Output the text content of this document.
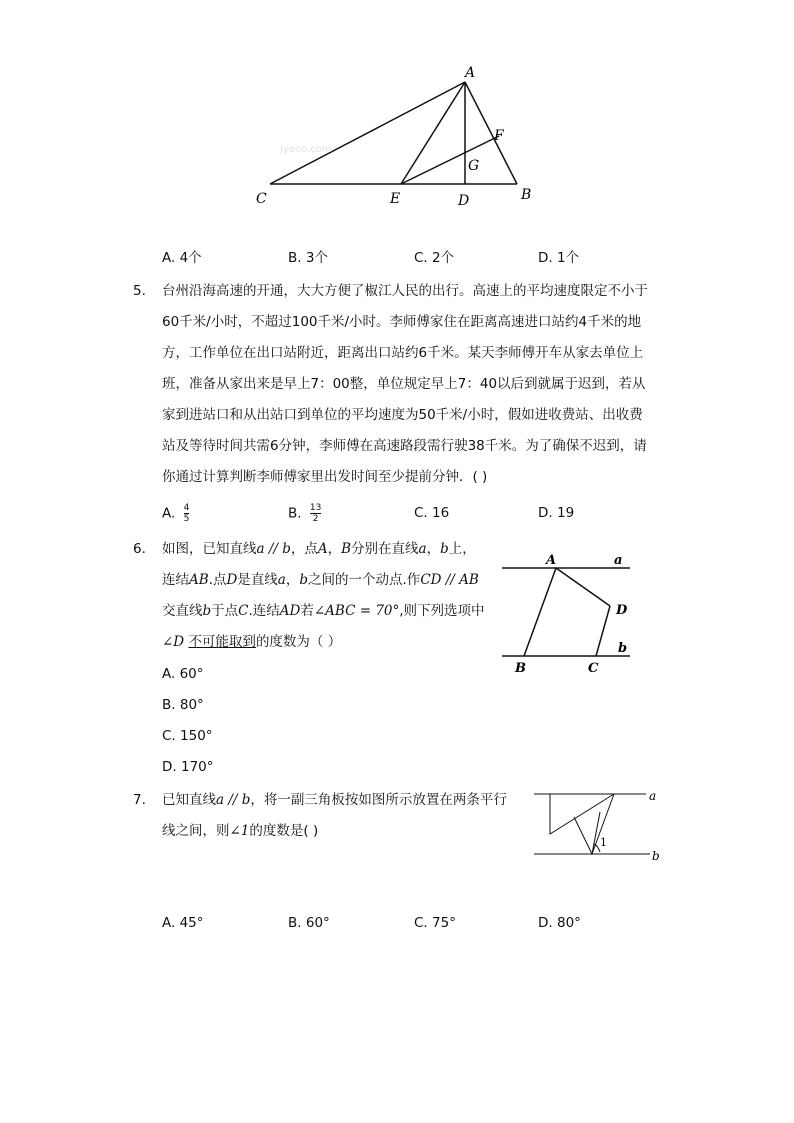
Jyeoo.com
A
F
G
C	E	D	B
A. 4个	B. 3个	C. 2个	D. 1个
5. 台州沿海高速的开通，大大方便了椒江人民的出行。高速上的平均速度限定不小于
60千米/小时，不超过100千米/小时。李师傅家住在距离高速进口站约4千米的地
方，工作单位在出口站附近，距离出口站约6千米。某天李师傅开车从家去单位上
班，准备从家出来是早上7：00整，单位规定早上7：40以后到就属于迟到，若从
家到进站口和从出站口到单位的平均速度为50千米/小时，假如进收费站、出收费
站及等待时间共需6分钟，李师傅在高速路段需行驶38千米。为了确保不迟到，请
你通过计算判断李师傅家里出发时间至少提前分钟．( )
A. $\frac{4}{5}$	B. $\frac{13}{2}$	C. 16	D. 19
6. 如图，已知直线a // b，点A，B分别在直线a，b上，
连结AB.点D是直线a，b之间的一个动点.作CD // AB
交直线b于点C.连结AD若∠ABC = 70°,则下列选项中
∠D 不可能取到的度数为（ ）
A. 60°
B. 80°
C. 150°
D. 170°
A	a
D
b
B	C
7. 已知直线a // b，将一副三角板按如图所示放置在两条平行
线之间，则∠1的度数是( )
a
b
1
A. 45°	B. 60°	C. 75°	D. 80°
